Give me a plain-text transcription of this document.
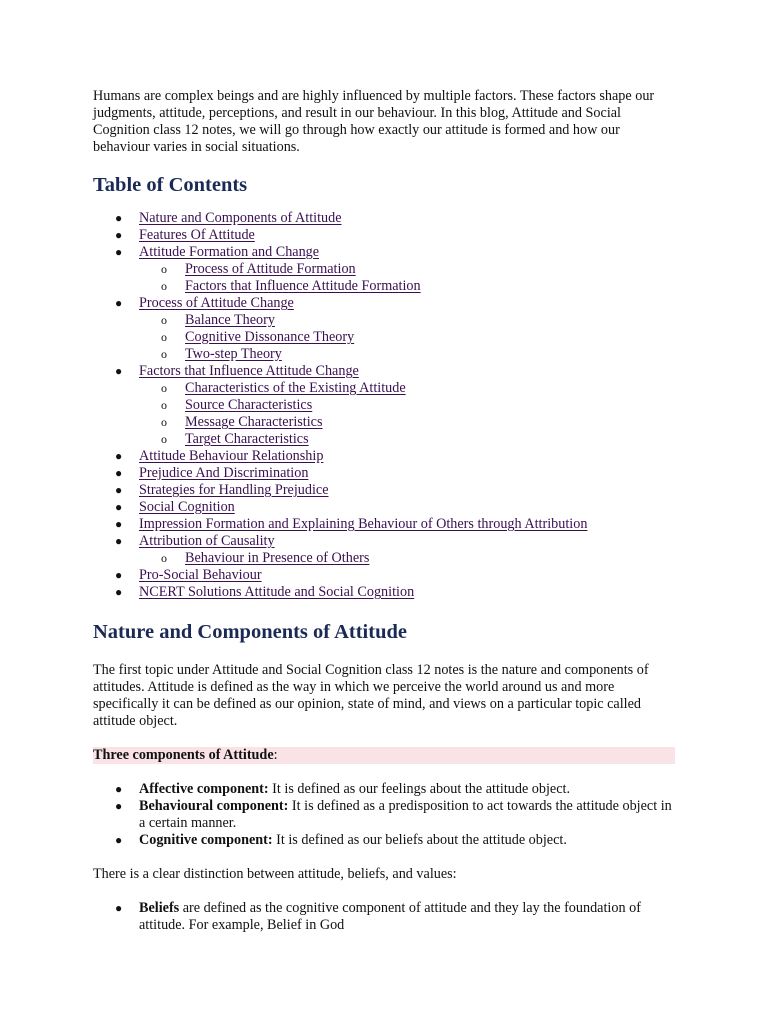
Humans are complex beings and are highly influenced by multiple factors. These factors shape our judgments, attitude, perceptions, and result in our behaviour. In this blog, Attitude and Social Cognition class 12 notes, we will go through how exactly our attitude is formed and how our behaviour varies in social situations.

Table of Contents
● Nature and Components of Attitude
● Features Of Attitude
● Attitude Formation and Change
o Process of Attitude Formation
o Factors that Influence Attitude Formation
● Process of Attitude Change
o Balance Theory
o Cognitive Dissonance Theory
o Two-step Theory
● Factors that Influence Attitude Change
o Characteristics of the Existing Attitude
o Source Characteristics
o Message Characteristics
o Target Characteristics
● Attitude Behaviour Relationship
● Prejudice And Discrimination
● Strategies for Handling Prejudice
● Social Cognition
● Impression Formation and Explaining Behaviour of Others through Attribution
● Attribution of Causality
o Behaviour in Presence of Others
● Pro-Social Behaviour
● NCERT Solutions Attitude and Social Cognition
Nature and Components of Attitude

The first topic under Attitude and Social Cognition class 12 notes is the nature and components of attitudes. Attitude is defined as the way in which we perceive the world around us and more specifically it can be defined as our opinion, state of mind, and views on a particular topic called attitude object.

Three components of Attitude:

● Affective component: It is defined as our feelings about the attitude object.
● Behavioural component: It is defined as a predisposition to act towards the attitude object in a certain manner.
● Cognitive component: It is defined as our beliefs about the attitude object.

There is a clear distinction between attitude, beliefs, and values:

● Beliefs are defined as the cognitive component of attitude and they lay the foundation of attitude. For example, Belief in God
